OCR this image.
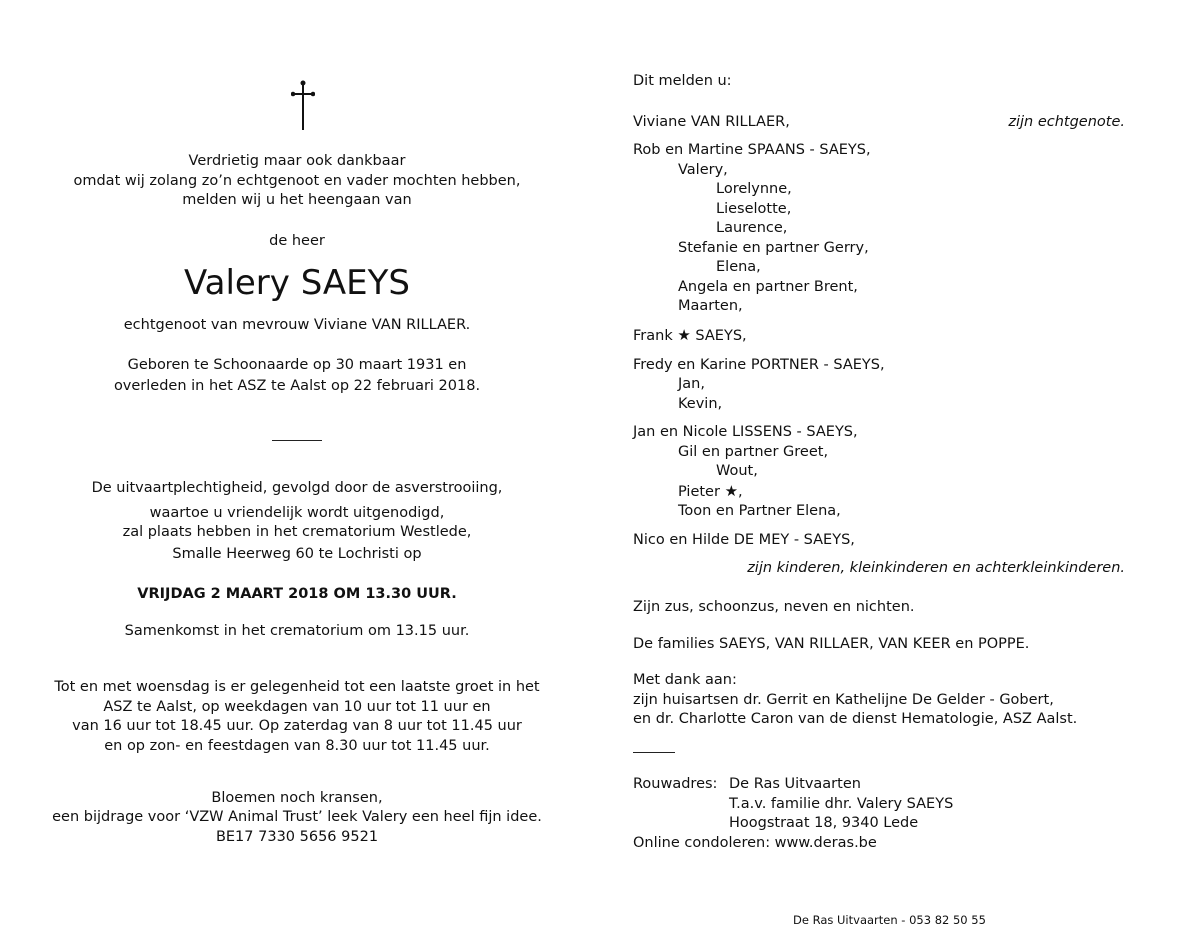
Verdrietig maar ook dankbaar
omdat wij zolang zo’n echtgenoot en vader mochten hebben,
melden wij u het heengaan van
de heer
Valery SAEYS
echtgenoot van mevrouw Viviane VAN RILLAER.
Geboren te Schoonaarde op 30 maart 1931 en
overleden in het ASZ te Aalst op 22 februari 2018.
De uitvaartplechtigheid, gevolgd door de asverstrooiing,
waartoe u vriendelijk wordt uitgenodigd,
zal plaats hebben in het crematorium Westlede,
Smalle Heerweg 60 te Lochristi op
VRIJDAG 2 MAART 2018 OM 13.30 UUR.
Samenkomst in het crematorium om 13.15 uur.
Tot en met woensdag is er gelegenheid tot een laatste groet in het
ASZ te Aalst, op weekdagen van 10 uur tot 11 uur en
van 16 uur tot 18.45 uur. Op zaterdag van 8 uur tot 11.45 uur
en op zon- en feestdagen van 8.30 uur tot 11.45 uur.
Bloemen noch kransen,
een bijdrage voor ‘VZW Animal Trust’ leek Valery een heel fijn idee.
BE17 7330 5656 9521
Dit melden u:
Viviane VAN RILLAER,	zijn echtgenote.
Rob en Martine SPAANS - SAEYS,
Valery,
Lorelynne,
Lieselotte,
Laurence,
Stefanie en partner Gerry,
Elena,
Angela en partner Brent,
Maarten,
Frank ★ SAEYS,
Fredy en Karine PORTNER - SAEYS,
Jan,
Kevin,
Jan en Nicole LISSENS - SAEYS,
Gil en partner Greet,
Wout,
Pieter ★,
Toon en Partner Elena,
Nico en Hilde DE MEY - SAEYS,
zijn kinderen, kleinkinderen en achterkleinkinderen.
Zijn zus, schoonzus, neven en nichten.
De families SAEYS, VAN RILLAER, VAN KEER en POPPE.
Met dank aan:
zijn huisartsen dr. Gerrit en Kathelijne De Gelder - Gobert,
en dr. Charlotte Caron van de dienst Hematologie, ASZ Aalst.
Rouwadres: De Ras Uitvaarten
T.a.v. familie dhr. Valery SAEYS
Hoogstraat 18, 9340 Lede
Online condoleren: www.deras.be
De Ras Uitvaarten - 053 82 50 55
